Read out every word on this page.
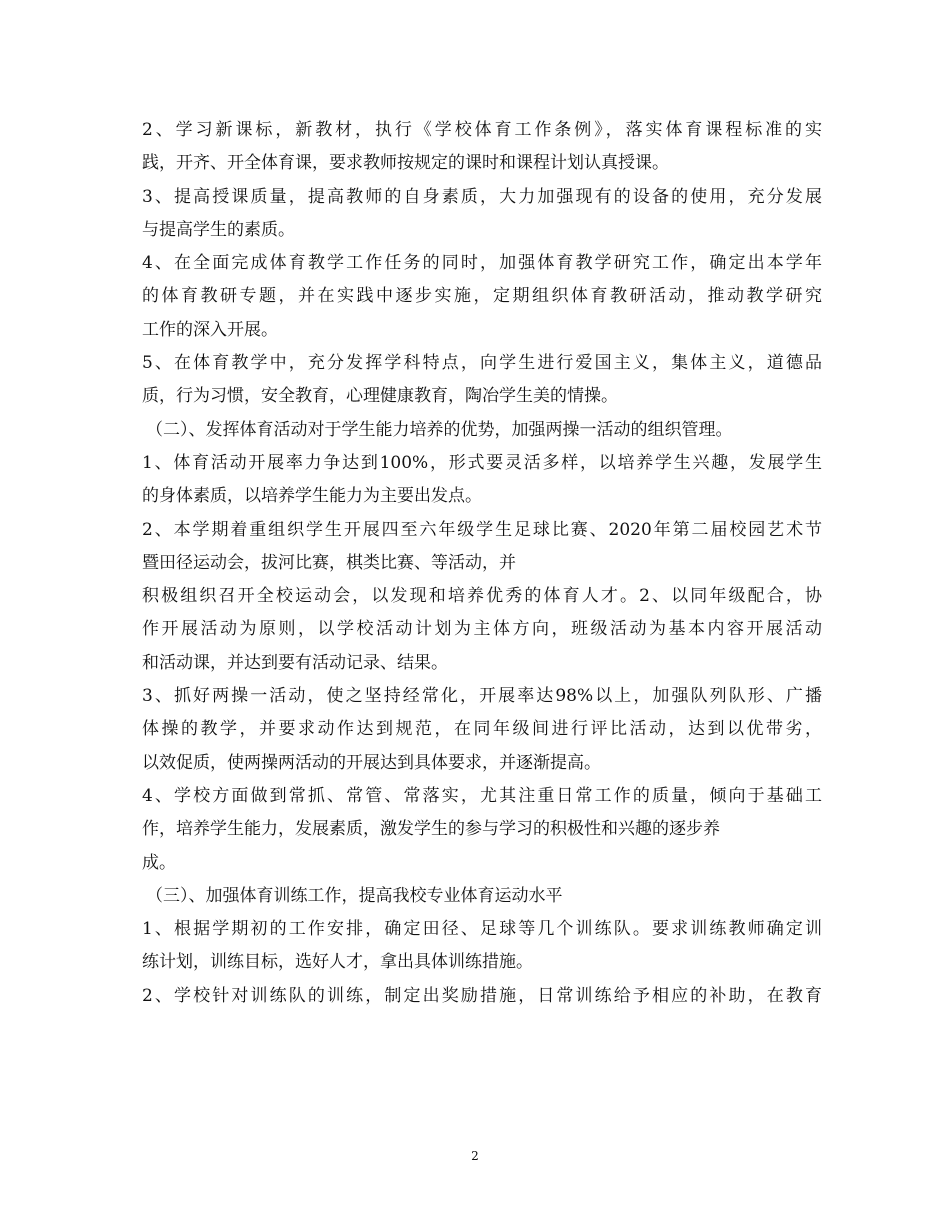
2、学习新课标，新教材，执行《学校体育工作条例》，落实体育课程标准的实
践，开齐、开全体育课，要求教师按规定的课时和课程计划认真授课。
3、提高授课质量，提高教师的自身素质，大力加强现有的设备的使用，充分发展
与提高学生的素质。
4、在全面完成体育教学工作任务的同时，加强体育教学研究工作，确定出本学年
的体育教研专题，并在实践中逐步实施，定期组织体育教研活动，推动教学研究
工作的深入开展。
5、在体育教学中，充分发挥学科特点，向学生进行爱国主义，集体主义，道德品
质，行为习惯，安全教育，心理健康教育，陶冶学生美的情操。
（二）、发挥体育活动对于学生能力培养的优势，加强两操一活动的组织管理。
1、体育活动开展率力争达到100%，形式要灵活多样，以培养学生兴趣，发展学生
的身体素质，以培养学生能力为主要出发点。
2、本学期着重组织学生开展四至六年级学生足球比赛、2020年第二届校园艺术节
暨田径运动会，拔河比赛，棋类比赛、等活动，并
积极组织召开全校运动会，以发现和培养优秀的体育人才。2、以同年级配合，协
作开展活动为原则，以学校活动计划为主体方向，班级活动为基本内容开展活动
和活动课，并达到要有活动记录、结果。
3、抓好两操一活动，使之坚持经常化，开展率达98%以上，加强队列队形、广播
体操的教学，并要求动作达到规范，在同年级间进行评比活动，达到以优带劣，
以效促质，使两操两活动的开展达到具体要求，并逐渐提高。
4、学校方面做到常抓、常管、常落实，尤其注重日常工作的质量，倾向于基础工
作，培养学生能力，发展素质，激发学生的参与学习的积极性和兴趣的逐步养
成。
（三）、加强体育训练工作，提高我校专业体育运动水平
1、根据学期初的工作安排，确定田径、足球等几个训练队。要求训练教师确定训
练计划，训练目标，选好人才，拿出具体训练措施。
2、学校针对训练队的训练，制定出奖励措施，日常训练给予相应的补助，在教育
2
